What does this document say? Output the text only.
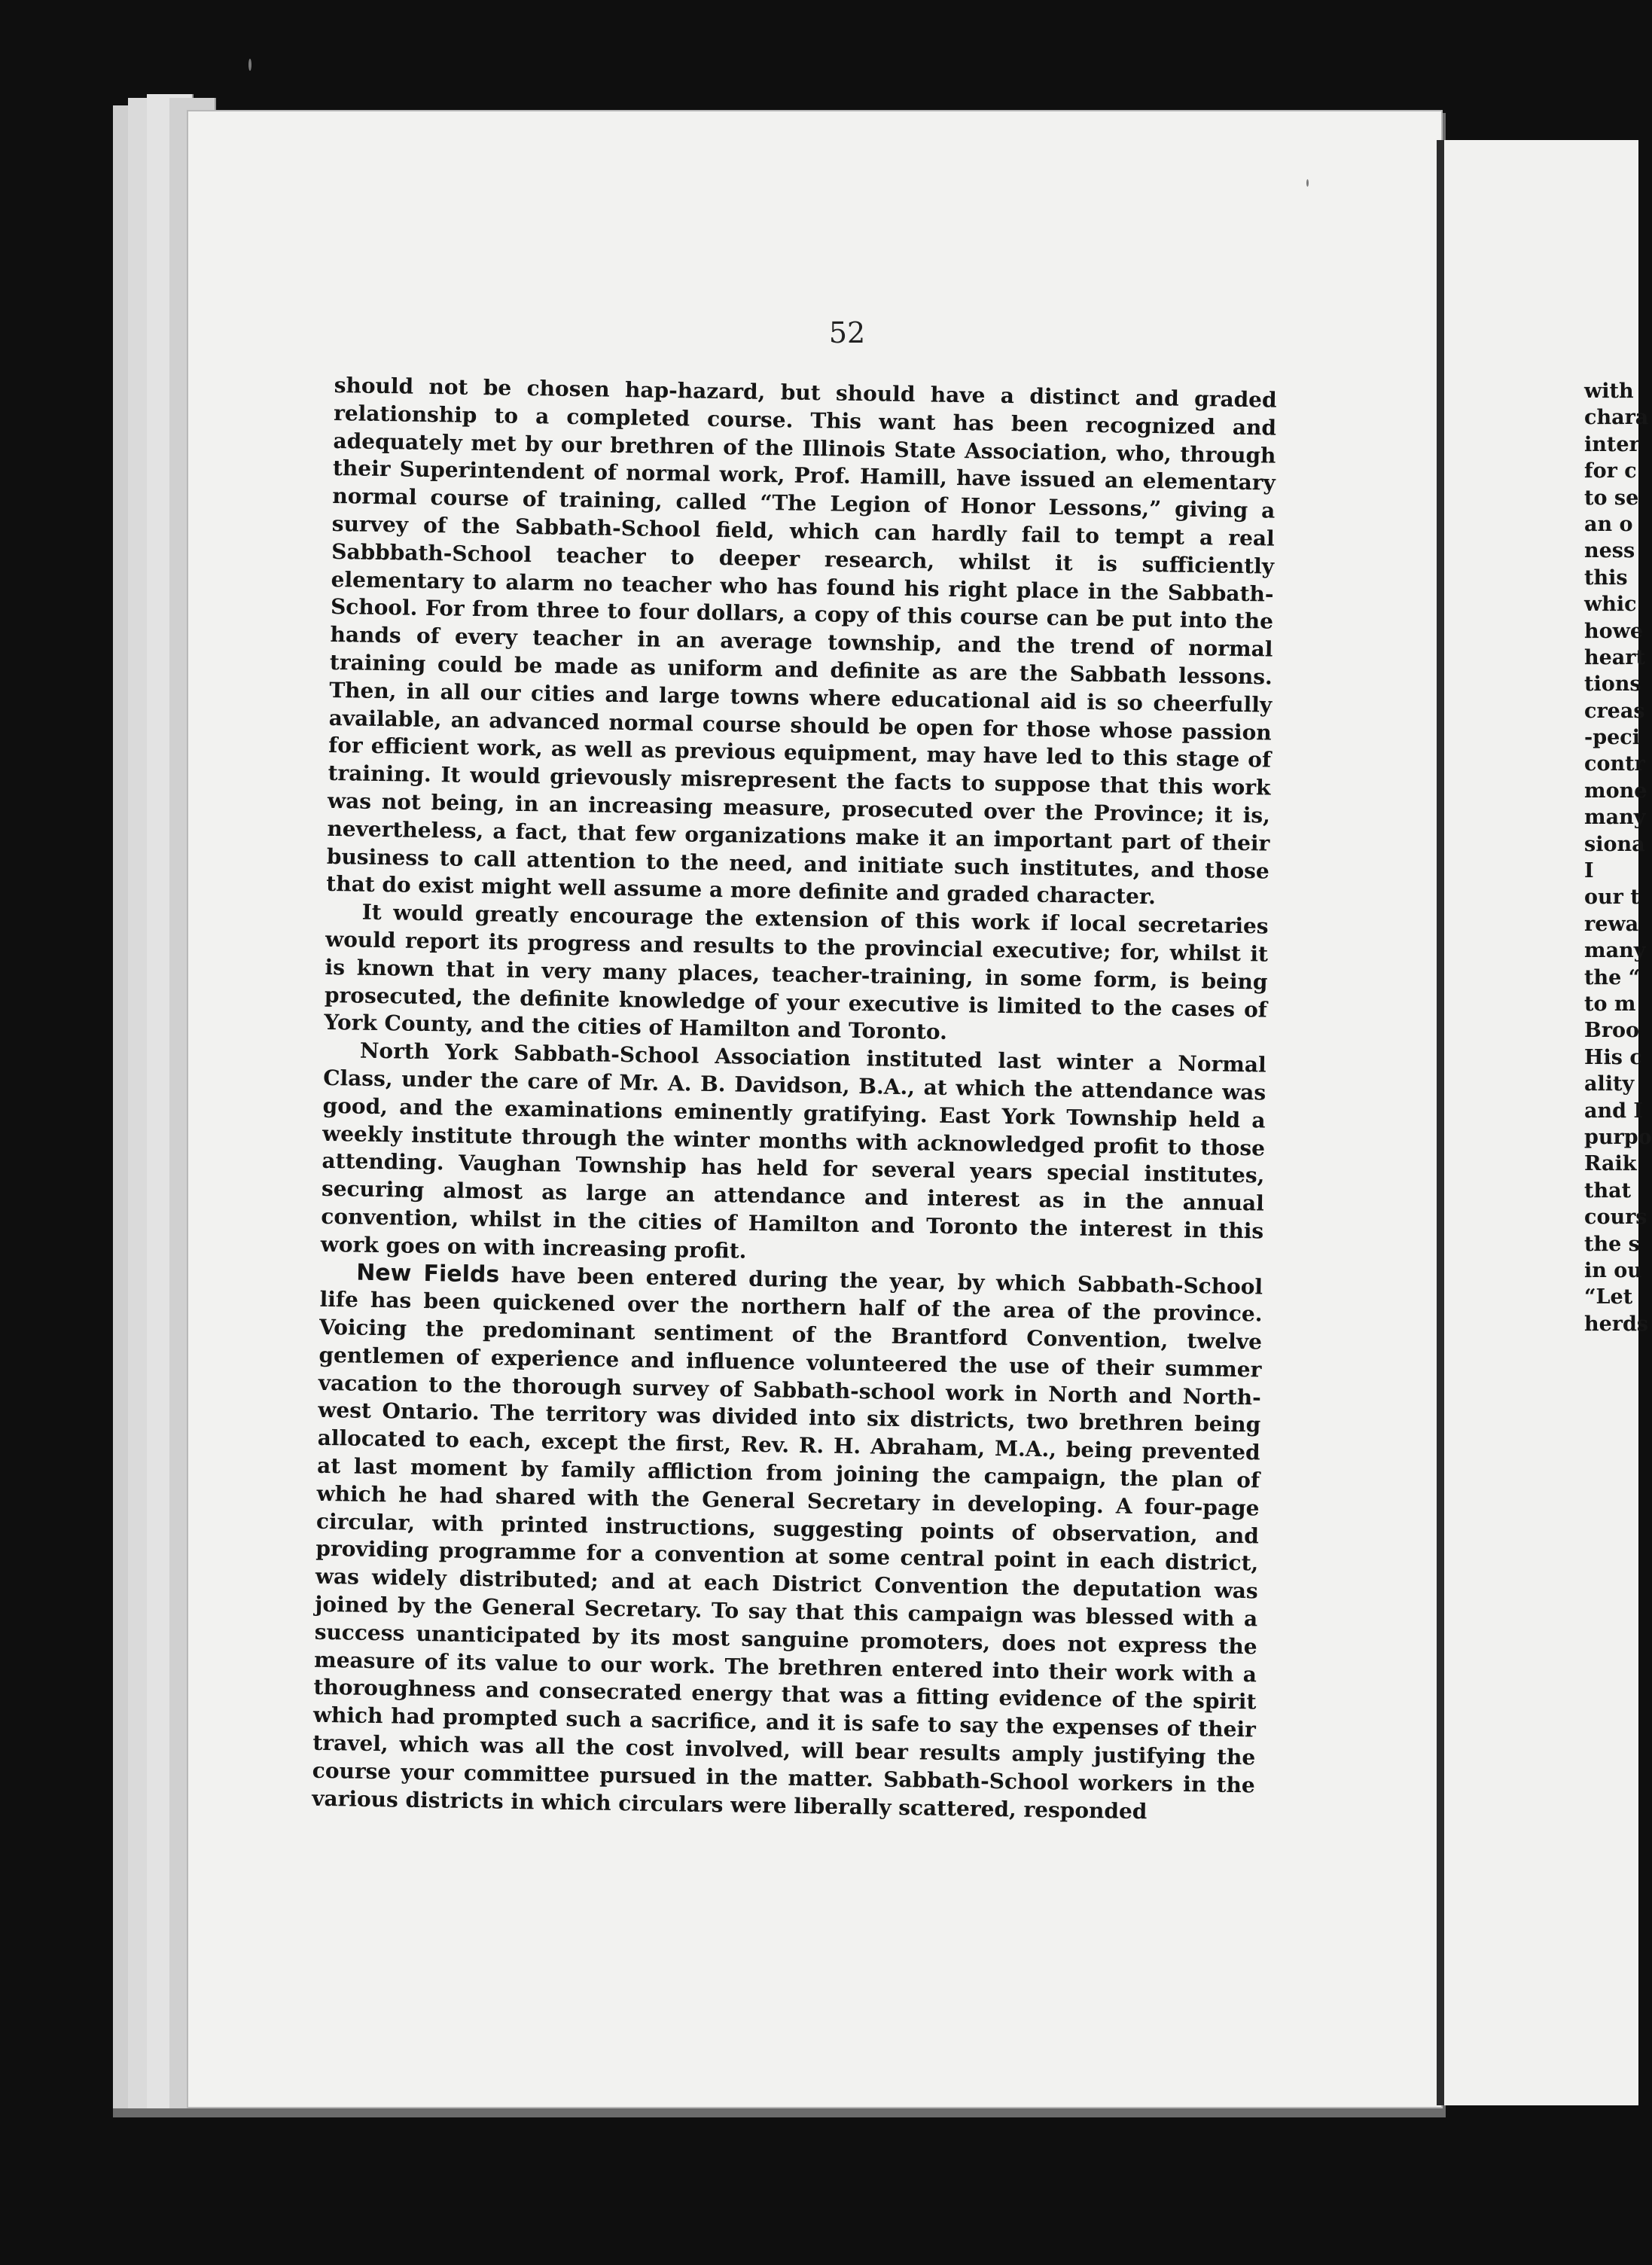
52

should not be chosen hap-hazard, but should have a distinct and graded relationship to a completed course. This want has been recognized and adequately met by our brethren of the Illinois State Association, who, through their Superintendent of normal work, Prof. Hamill, have issued an elementary normal course of training, called “The Legion of Honor Lessons,” giving a survey of the Sabbath-School field, which can hardly fail to tempt a real Sabbbath-School teacher to deeper research, whilst it is sufficiently elementary to alarm no teacher who has found his right place in the Sabbath-School. For from three to four dollars, a copy of this course can be put into the hands of every teacher in an average township, and the trend of normal training could be made as uniform and definite as are the Sabbath lessons. Then, in all our cities and large towns where educational aid is so cheerfully available, an advanced normal course should be open for those whose passion for efficient work, as well as previous equipment, may have led to this stage of training. It would grievously misrepresent the facts to suppose that this work was not being, in an increasing measure, prosecuted over the Province; it is, nevertheless, a fact, that few organizations make it an important part of their business to call attention to the need, and initiate such institutes, and those that do exist might well assume a more definite and graded character.

It would greatly encourage the extension of this work if local secretaries would report its progress and results to the provincial executive; for, whilst it is known that in very many places, teacher-training, in some form, is being prosecuted, the definite knowledge of your executive is limited to the cases of York County, and the cities of Hamilton and Toronto.

North York Sabbath-School Association instituted last winter a Normal Class, under the care of Mr. A. B. Davidson, B.A., at which the attendance was good, and the examinations eminently gratifying. East York Township held a weekly institute through the winter months with acknowledged profit to those attending. Vaughan Township has held for several years special institutes, securing almost as large an attendance and interest as in the annual convention, whilst in the cities of Hamilton and Toronto the interest in this work goes on with increasing profit.

New Fields have been entered during the year, by which Sabbath-School life has been quickened over the northern half of the area of the province. Voicing the predominant sentiment of the Brantford Convention, twelve gentlemen of experience and influence volunteered the use of their summer vacation to the thorough survey of Sabbath-school work in North and North-west Ontario. The territory was divided into six districts, two brethren being allocated to each, except the first, Rev. R. H. Abraham, M.A., being prevented at last moment by family affliction from joining the campaign, the plan of which he had shared with the General Secretary in developing. A four-page circular, with printed instructions, suggesting points of observation, and providing programme for a convention at some central point in each district, was widely distributed; and at each District Convention the deputation was joined by the General Secretary. To say that this campaign was blessed with a success unanticipated by its most sanguine promoters, does not express the measure of its value to our work. The brethren entered into their work with a thoroughness and consecrated energy that was a fitting evidence of the spirit which had prompted such a sacrifice, and it is safe to say the expenses of their travel, which was all the cost involved, will bear results amply justifying the course your committee pursued in the matter. Sabbath-School workers in the various districts in which circulars were liberally scattered, responded

with
chara
inter
for c
to se
an o
ness
this
whic
howe
heart
tions
creas
-peci
contr
mone
many
siona
I
our t
rewa
many
the “
to m
Broo
His c
ality
and I
purpo
Raik
that
cours
the s
in ou
“Let
herds
